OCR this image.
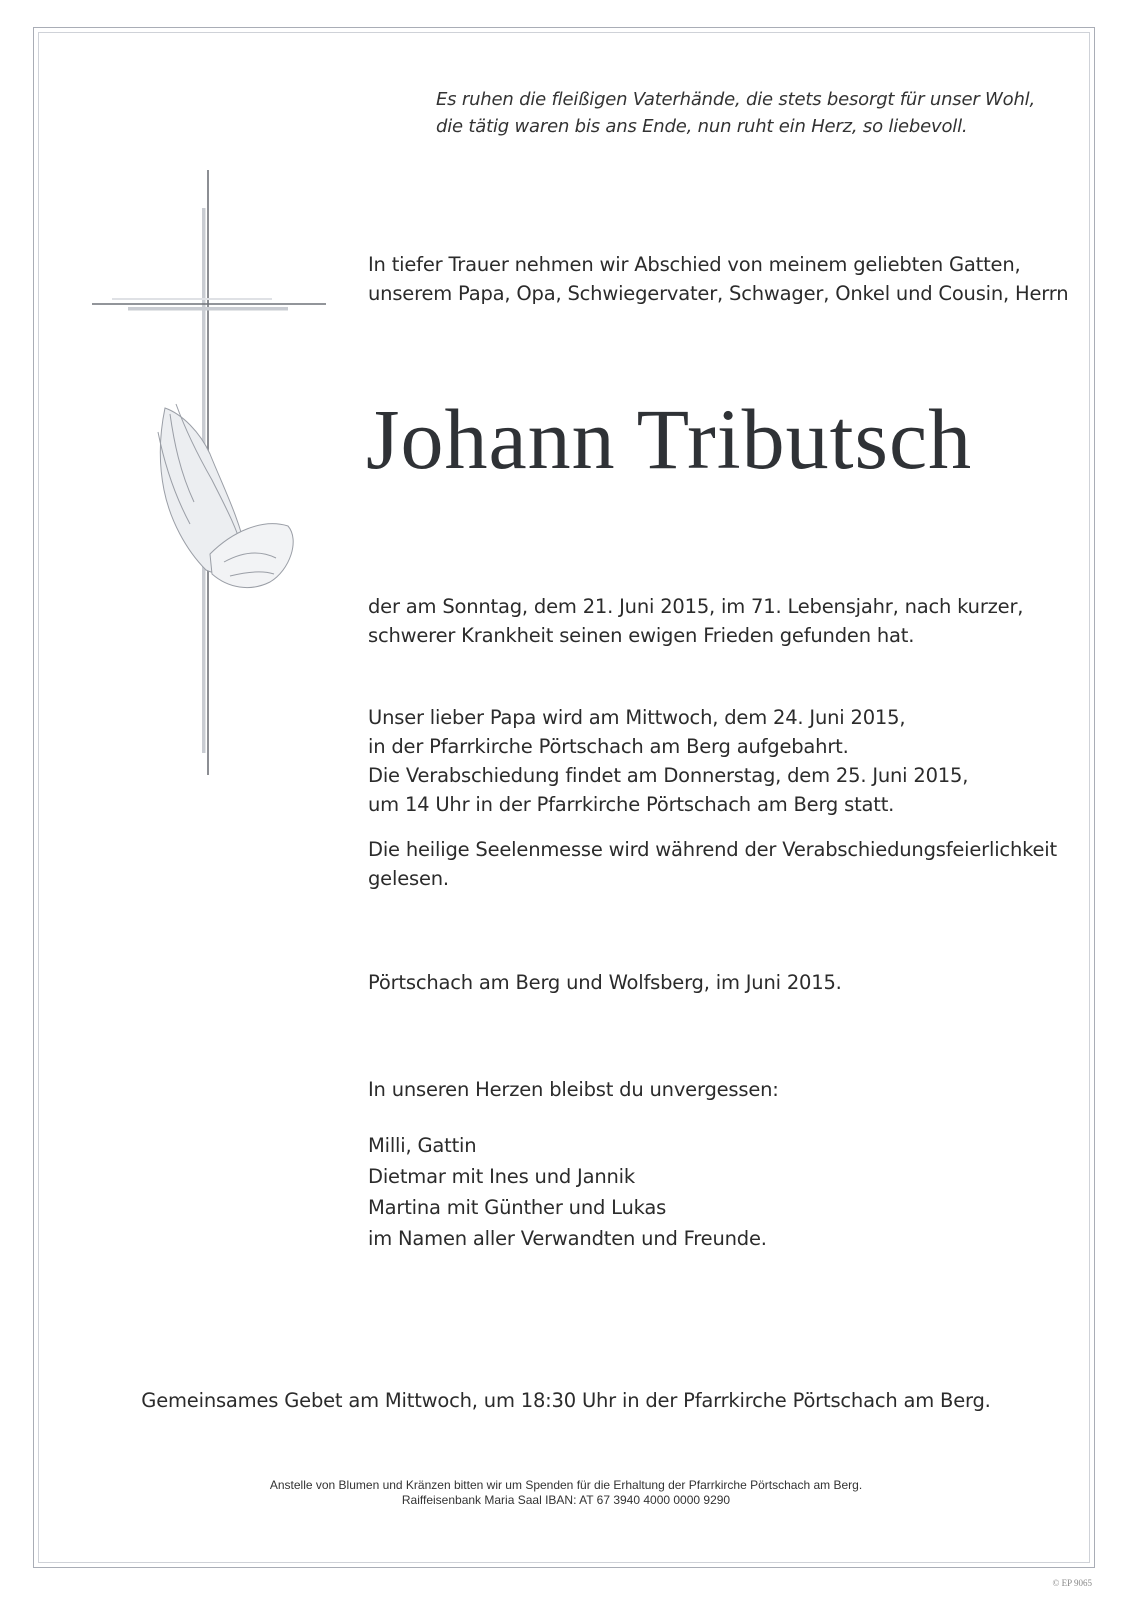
Es ruhen die fleißigen Vaterhände, die stets besorgt für unser Wohl,
die tätig waren bis ans Ende, nun ruht ein Herz, so liebevoll.
In tiefer Trauer nehmen wir Abschied von meinem geliebten Gatten,
unserem Papa, Opa, Schwiegervater, Schwager, Onkel und Cousin, Herrn
Johann Tributsch
der am Sonntag, dem 21. Juni 2015, im 71. Lebensjahr, nach kurzer,
schwerer Krankheit seinen ewigen Frieden gefunden hat.
Unser lieber Papa wird am Mittwoch, dem 24. Juni 2015,
in der Pfarrkirche Pörtschach am Berg aufgebahrt.
Die Verabschiedung findet am Donnerstag, dem 25. Juni 2015,
um 14 Uhr in der Pfarrkirche Pörtschach am Berg statt.
Die heilige Seelenmesse wird während der Verabschiedungsfeierlichkeit
gelesen.
Pörtschach am Berg und Wolfsberg, im Juni 2015.
In unseren Herzen bleibst du unvergessen:
Milli, Gattin
Dietmar mit Ines und Jannik
Martina mit Günther und Lukas
im Namen aller Verwandten und Freunde.
Gemeinsames Gebet am Mittwoch, um 18:30 Uhr in der Pfarrkirche Pörtschach am Berg.
Anstelle von Blumen und Kränzen bitten wir um Spenden für die Erhaltung der Pfarrkirche Pörtschach am Berg.
Raiffeisenbank Maria Saal IBAN: AT 67 3940 4000 0000 9290
© EP 9065
